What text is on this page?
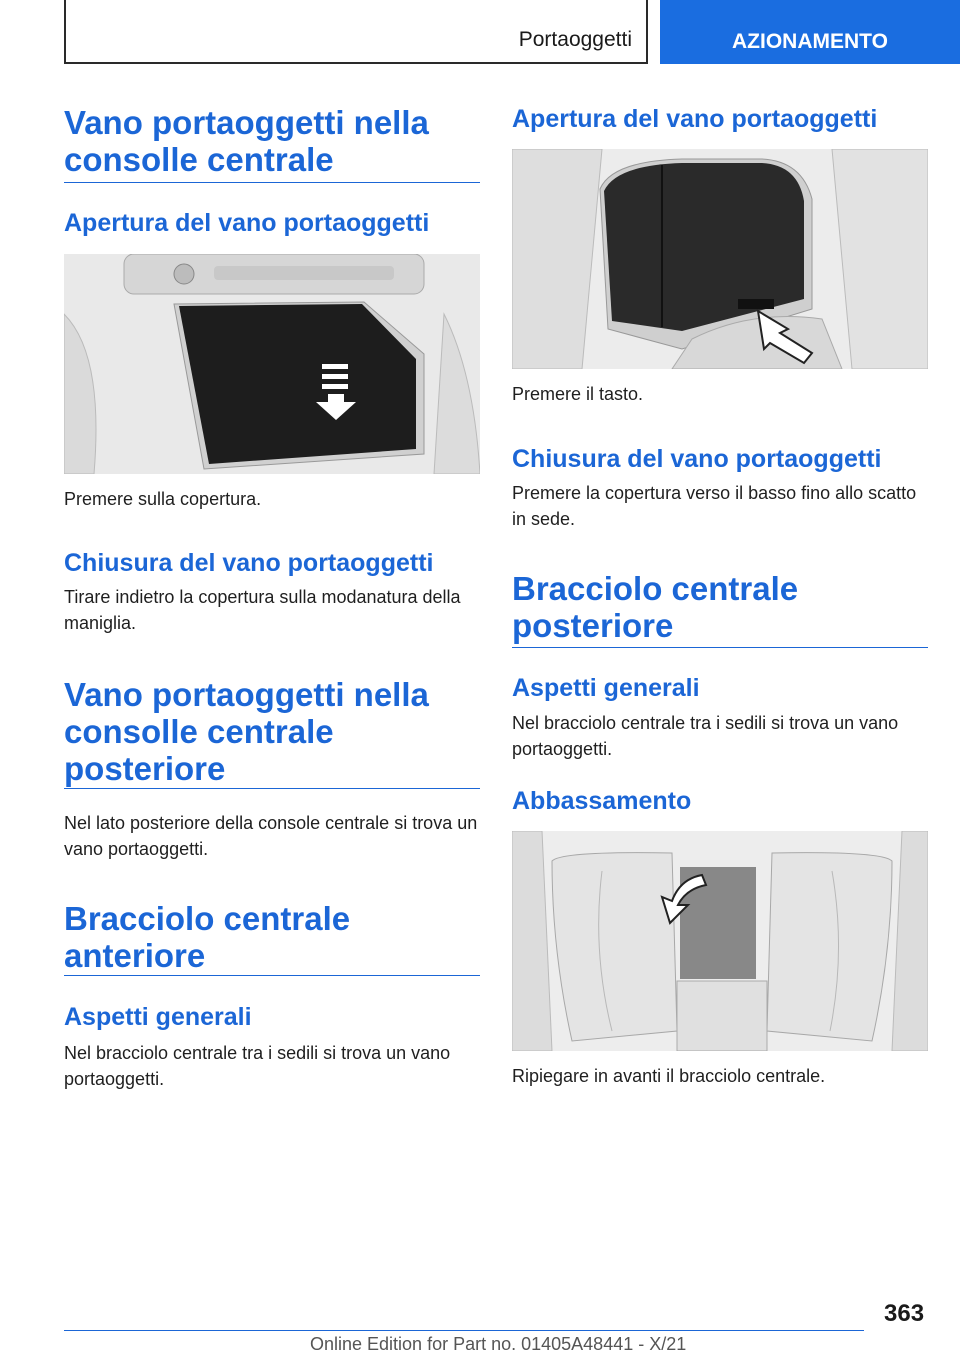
Portaoggetti	AZIONAMENTO
Vano portaoggetti nella consolle centrale
Apertura del vano portaoggetti

Premere sulla copertura.

Chiusura del vano portaoggetti

Tirare indietro la copertura sulla modanatura della maniglia.

Vano portaoggetti nella consolle centrale posteriore

Nel lato posteriore della console centrale si trova un vano portaoggetti.

Bracciolo centrale anteriore
Aspetti generali

Nel bracciolo centrale tra i sedili si trova un vano portaoggetti.

Apertura del vano portaoggetti

Premere il tasto.

Chiusura del vano portaoggetti

Premere la copertura verso il basso fino allo scatto in sede.

Bracciolo centrale posteriore
Aspetti generali

Nel bracciolo centrale tra i sedili si trova un vano portaoggetti.

Abbassamento

Ripiegare in avanti il bracciolo centrale.

363
Online Edition for Part no. 01405A48441 - X/21
